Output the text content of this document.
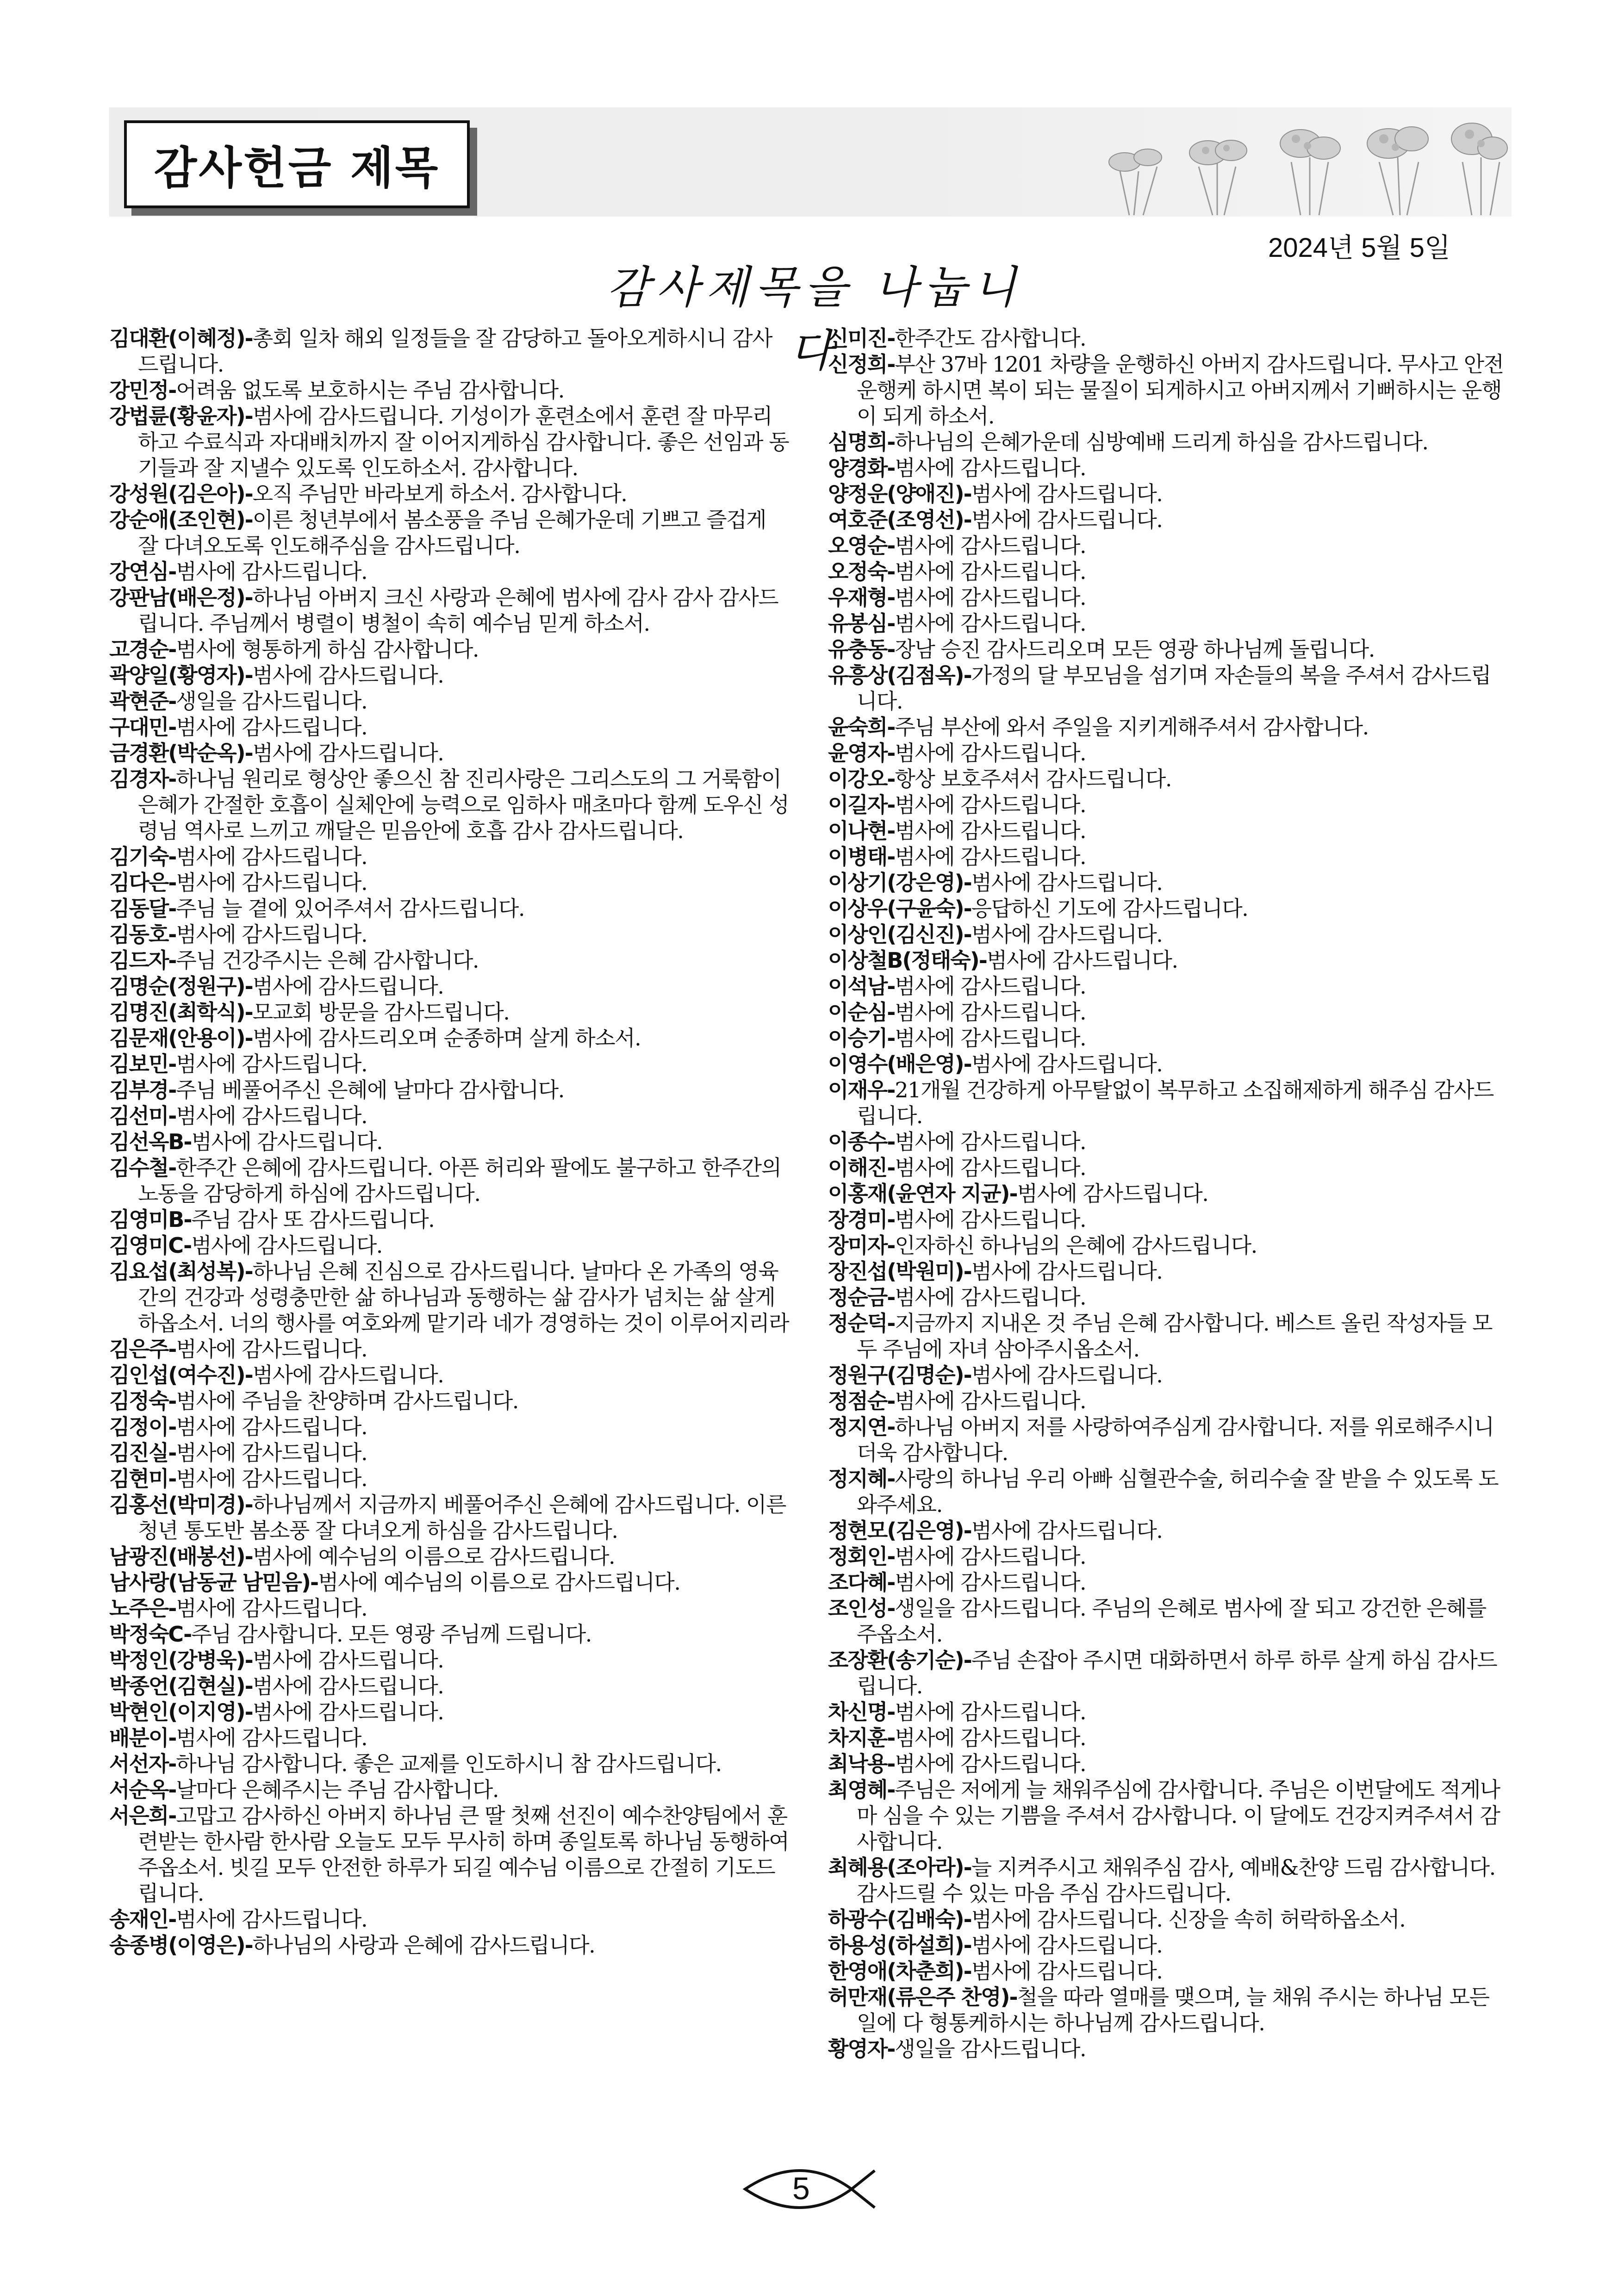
감사헌금 제목
2024년 5월 5일
감사제목을 나눕니다

김대환(이혜정)-총회 일차 해외 일정들을 잘 감당하고 돌아오게하시니 감사드립니다.

강민정-어려움 없도록 보호하시는 주님 감사합니다.

강법륜(황윤자)-범사에 감사드립니다. 기성이가 훈련소에서 훈련 잘 마무리하고 수료식과 자대배치까지 잘 이어지게하심 감사합니다. 좋은 선임과 동기들과 잘 지낼수 있도록 인도하소서. 감사합니다.

강성원(김은아)-오직 주님만 바라보게 하소서. 감사합니다.

강순애(조인현)-이른 청년부에서 봄소풍을 주님 은혜가운데 기쁘고 즐겁게 잘 다녀오도록 인도해주심을 감사드립니다.

강연심-범사에 감사드립니다.

강판남(배은정)-하나님 아버지 크신 사랑과 은혜에 범사에 감사 감사 감사드립니다. 주님께서 병렬이 병철이 속히 예수님 믿게 하소서.

고경순-범사에 형통하게 하심 감사합니다.

곽양일(황영자)-범사에 감사드립니다.

곽현준-생일을 감사드립니다.

구대민-범사에 감사드립니다.

금경환(박순옥)-범사에 감사드립니다.

김경자-하나님 원리로 형상안 좋으신 참 진리사랑은 그리스도의 그 거룩함이 은혜가 간절한 호흡이 실체안에 능력으로 임하사 매초마다 함께 도우신 성령님 역사로 느끼고 깨달은 믿음안에 호흡 감사 감사드립니다.

김기숙-범사에 감사드립니다.

김다은-범사에 감사드립니다.

김동달-주님 늘 곁에 있어주셔서 감사드립니다.

김동호-범사에 감사드립니다.

김드자-주님 건강주시는 은혜 감사합니다.

김명순(정원구)-범사에 감사드립니다.

김명진(최학식)-모교회 방문을 감사드립니다.

김문재(안용이)-범사에 감사드리오며 순종하며 살게 하소서.

김보민-범사에 감사드립니다.

김부경-주님 베풀어주신 은혜에 날마다 감사합니다.

김선미-범사에 감사드립니다.

김선옥B-범사에 감사드립니다.

김수철-한주간 은혜에 감사드립니다. 아픈 허리와 팔에도 불구하고 한주간의 노동을 감당하게 하심에 감사드립니다.

김영미B-주님 감사 또 감사드립니다.

김영미C-범사에 감사드립니다.

김요섭(최성복)-하나님 은혜 진심으로 감사드립니다. 날마다 온 가족의 영육간의 건강과 성령충만한 삶 하나님과 동행하는 삶 감사가 넘치는 삶 살게하옵소서. 너의 행사를 여호와께 맡기라 네가 경영하는 것이 이루어지리라

김은주-범사에 감사드립니다.

김인섭(여수진)-범사에 감사드립니다.

김정숙-범사에 주님을 찬양하며 감사드립니다.

김정이-범사에 감사드립니다.

김진실-범사에 감사드립니다.

김현미-범사에 감사드립니다.

김홍선(박미경)-하나님께서 지금까지 베풀어주신 은혜에 감사드립니다. 이른 청년 통도반 봄소풍 잘 다녀오게 하심을 감사드립니다.

남광진(배봉선)-범사에 예수님의 이름으로 감사드립니다.

남사랑(남동균 남믿음)-범사에 예수님의 이름으로 감사드립니다.

노주은-범사에 감사드립니다.

박정숙C-주님 감사합니다. 모든 영광 주님께 드립니다.

박정인(강병욱)-범사에 감사드립니다.

박종언(김현실)-범사에 감사드립니다.

박현인(이지영)-범사에 감사드립니다.

배분이-범사에 감사드립니다.

서선자-하나님 감사합니다. 좋은 교제를 인도하시니 참 감사드립니다.

서순옥-날마다 은혜주시는 주님 감사합니다.

서은희-고맙고 감사하신 아버지 하나님 큰 딸 첫째 선진이 예수찬양팀에서 훈련받는 한사람 한사람 오늘도 모두 무사히 하며 종일토록 하나님 동행하여 주옵소서. 빗길 모두 안전한 하루가 되길 예수님 이름으로 간절히 기도드립니다.

송재인-범사에 감사드립니다.

송종병(이영은)-하나님의 사랑과 은혜에 감사드립니다.

신미진-한주간도 감사합니다.

신정희-부산 37바 1201 차량을 운행하신 아버지 감사드립니다. 무사고 안전운행케 하시면 복이 되는 물질이 되게하시고 아버지께서 기뻐하시는 운행이 되게 하소서.

심명희-하나님의 은혜가운데 심방예배 드리게 하심을 감사드립니다.

양경화-범사에 감사드립니다.

양정운(양애진)-범사에 감사드립니다.

여호준(조영선)-범사에 감사드립니다.

오영순-범사에 감사드립니다.

오정숙-범사에 감사드립니다.

우재형-범사에 감사드립니다.

유봉심-범사에 감사드립니다.

유충동-장남 승진 감사드리오며 모든 영광 하나님께 돌립니다.

유흥상(김점옥)-가정의 달 부모님을 섬기며 자손들의 복을 주셔서 감사드립니다.

윤숙희-주님 부산에 와서 주일을 지키게해주셔서 감사합니다.

윤영자-범사에 감사드립니다.

이강오-항상 보호주셔서 감사드립니다.

이길자-범사에 감사드립니다.

이나현-범사에 감사드립니다.

이병태-범사에 감사드립니다.

이상기(강은영)-범사에 감사드립니다.

이상우(구윤숙)-응답하신 기도에 감사드립니다.

이상인(김신진)-범사에 감사드립니다.

이상철B(정태숙)-범사에 감사드립니다.

이석남-범사에 감사드립니다.

이순심-범사에 감사드립니다.

이승기-범사에 감사드립니다.

이영수(배은영)-범사에 감사드립니다.

이재우-21개월 건강하게 아무탈없이 복무하고 소집해제하게 해주심 감사드립니다.

이종수-범사에 감사드립니다.

이해진-범사에 감사드립니다.

이홍재(윤연자 지균)-범사에 감사드립니다.

장경미-범사에 감사드립니다.

장미자-인자하신 하나님의 은혜에 감사드립니다.

장진섭(박원미)-범사에 감사드립니다.

정순금-범사에 감사드립니다.

정순덕-지금까지 지내온 것 주님 은혜 감사합니다. 베스트 올린 작성자들 모두 주님에 자녀 삼아주시옵소서.

정원구(김명순)-범사에 감사드립니다.

정점순-범사에 감사드립니다.

정지연-하나님 아버지 저를 사랑하여주심게 감사합니다. 저를 위로해주시니 더욱 감사합니다.

정지혜-사랑의 하나님 우리 아빠 심혈관수술, 허리수술 잘 받을 수 있도록 도와주세요.

정현모(김은영)-범사에 감사드립니다.

정회인-범사에 감사드립니다.

조다혜-범사에 감사드립니다.

조인성-생일을 감사드립니다. 주님의 은혜로 범사에 잘 되고 강건한 은혜를 주옵소서.

조장환(송기순)-주님 손잡아 주시면 대화하면서 하루 하루 살게 하심 감사드립니다.

차신명-범사에 감사드립니다.

차지훈-범사에 감사드립니다.

최낙용-범사에 감사드립니다.

최영혜-주님은 저에게 늘 채워주심에 감사합니다. 주님은 이번달에도 적게나마 심을 수 있는 기쁨을 주셔서 감사합니다. 이 달에도 건강지켜주셔서 감사합니다.

최혜용(조아라)-늘 지켜주시고 채워주심 감사, 예배&찬양 드림 감사합니다. 감사드릴 수 있는 마음 주심 감사드립니다.

하광수(김배숙)-범사에 감사드립니다. 신장을 속히 허락하옵소서.

하용성(하설희)-범사에 감사드립니다.

한영애(차춘희)-범사에 감사드립니다.

허만재(류은주 찬영)-철을 따라 열매를 맺으며, 늘 채워 주시는 하나님 모든 일에 다 형통케하시는 하나님께 감사드립니다.

황영자-생일을 감사드립니다.

5
